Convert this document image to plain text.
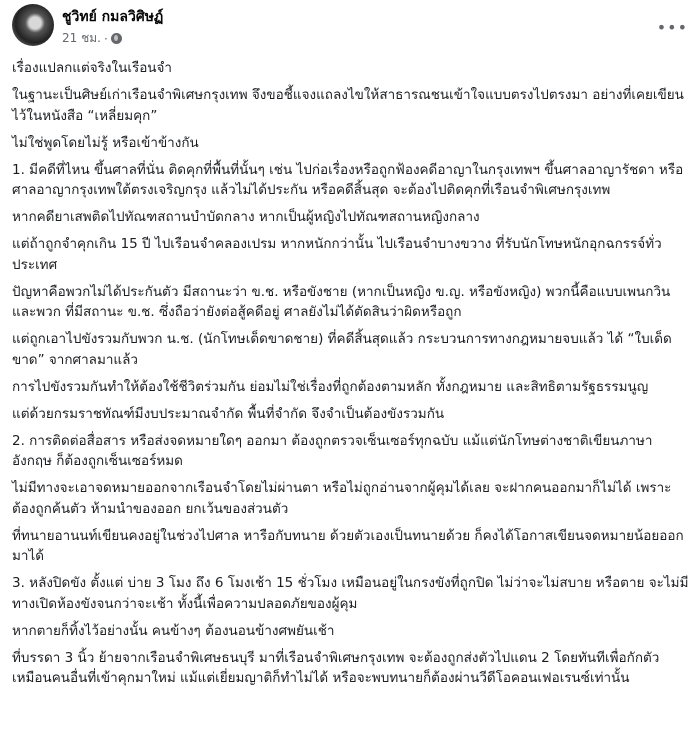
ชูวิทย์ กมลวิศิษฏ์
21 ชม. ·
•••

เรื่องแปลกแต่จริงในเรือนจำ

ในฐานะเป็นศิษย์เก่าเรือนจำพิเศษกรุงเทพ จึงขอชี้แจงแถลงไขให้สาธารณชนเข้าใจแบบตรงไปตรงมา อย่างที่เคยเขียนไว้ในหนังสือ “เหลี่ยมคุก”

ไม่ใช่พูดโดยไม่รู้ หรือเข้าข้างกัน

1. มีคดีที่ไหน ขึ้นศาลที่นั่น ติดคุกที่พื้นที่นั้นๆ เช่น ไปก่อเรื่องหรือถูกฟ้องคดีอาญาในกรุงเทพฯ ขึ้นศาลอาญารัชดา หรือศาลอาญากรุงเทพใต้ตรงเจริญกรุง แล้วไม่ได้ประกัน หรือคดีสิ้นสุด จะต้องไปติดคุกที่เรือนจำพิเศษกรุงเทพ

หากคดียาเสพติดไปทัณฑสถานบำบัดกลาง หากเป็นผู้หญิงไปทัณฑสถานหญิงกลาง

แต่ถ้าถูกจำคุกเกิน 15 ปี ไปเรือนจำคลองเปรม หากหนักกว่านั้น ไปเรือนจำบางขวาง ที่รับนักโทษหนักอุกฉกรรจ์ทั่วประเทศ

ปัญหาคือพวกไม่ได้ประกันตัว มีสถานะว่า ข.ช. หรือขังชาย (หากเป็นหญิง ข.ญ. หรือขังหญิง) พวกนี้คือแบบเพนกวินและพวก ที่มีสถานะ ข.ช. ซึ่งถือว่ายังต่อสู้คดีอยู่ ศาลยังไม่ได้ตัดสินว่าผิดหรือถูก

แต่ถูกเอาไปขังรวมกับพวก น.ช. (นักโทษเด็ดขาดชาย) ที่คดีสิ้นสุดแล้ว กระบวนการทางกฎหมายจบแล้ว ได้ “ใบเด็ดขาด” จากศาลมาแล้ว

การไปขังรวมกันทำให้ต้องใช้ชีวิตร่วมกัน ย่อมไม่ใช่เรื่องที่ถูกต้องตามหลัก ทั้งกฎหมาย และสิทธิตามรัฐธรรมนูญ

แต่ด้วยกรมราชทัณฑ์มีงบประมาณจำกัด พื้นที่จำกัด จึงจำเป็นต้องขังรวมกัน

2. การติดต่อสื่อสาร หรือส่งจดหมายใดๆ ออกมา ต้องถูกตรวจเซ็นเซอร์ทุกฉบับ แม้แต่นักโทษต่างชาติเขียนภาษาอังกฤษ ก็ต้องถูกเซ็นเซอร์หมด

ไม่มีทางจะเอาจดหมายออกจากเรือนจำโดยไม่ผ่านตา หรือไม่ถูกอ่านจากผู้คุมได้เลย จะฝากคนออกมาก็ไม่ได้ เพราะต้องถูกค้นตัว ห้ามนำของออก ยกเว้นของส่วนตัว

ที่ทนายอานนท์เขียนคงอยู่ในช่วงไปศาล หารือกับทนาย ด้วยตัวเองเป็นทนายด้วย ก็คงได้โอกาสเขียนจดหมายน้อยออกมาได้

3. หลังปิดขัง ตั้งแต่ บ่าย 3 โมง ถึง 6 โมงเช้า 15 ชั่วโมง เหมือนอยู่ในกรงขังที่ถูกปิด ไม่ว่าจะไม่สบาย หรือตาย จะไม่มีทางเปิดห้องขังจนกว่าจะเช้า ทั้งนี้เพื่อความปลอดภัยของผู้คุม

หากตายก็ทิ้งไว้อย่างนั้น คนข้างๆ ต้องนอนข้างศพยันเช้า

ที่บรรดา 3 นิ้ว ย้ายจากเรือนจำพิเศษธนบุรี มาที่เรือนจำพิเศษกรุงเทพ จะต้องถูกส่งตัวไปแดน 2 โดยทันทีเพื่อกักตัว เหมือนคนอื่นที่เข้าคุกมาใหม่ แม้แต่เยี่ยมญาติก็ทำไม่ได้ หรือจะพบทนายก็ต้องผ่านวีดีโอคอนเฟอเรนซ์เท่านั้น
